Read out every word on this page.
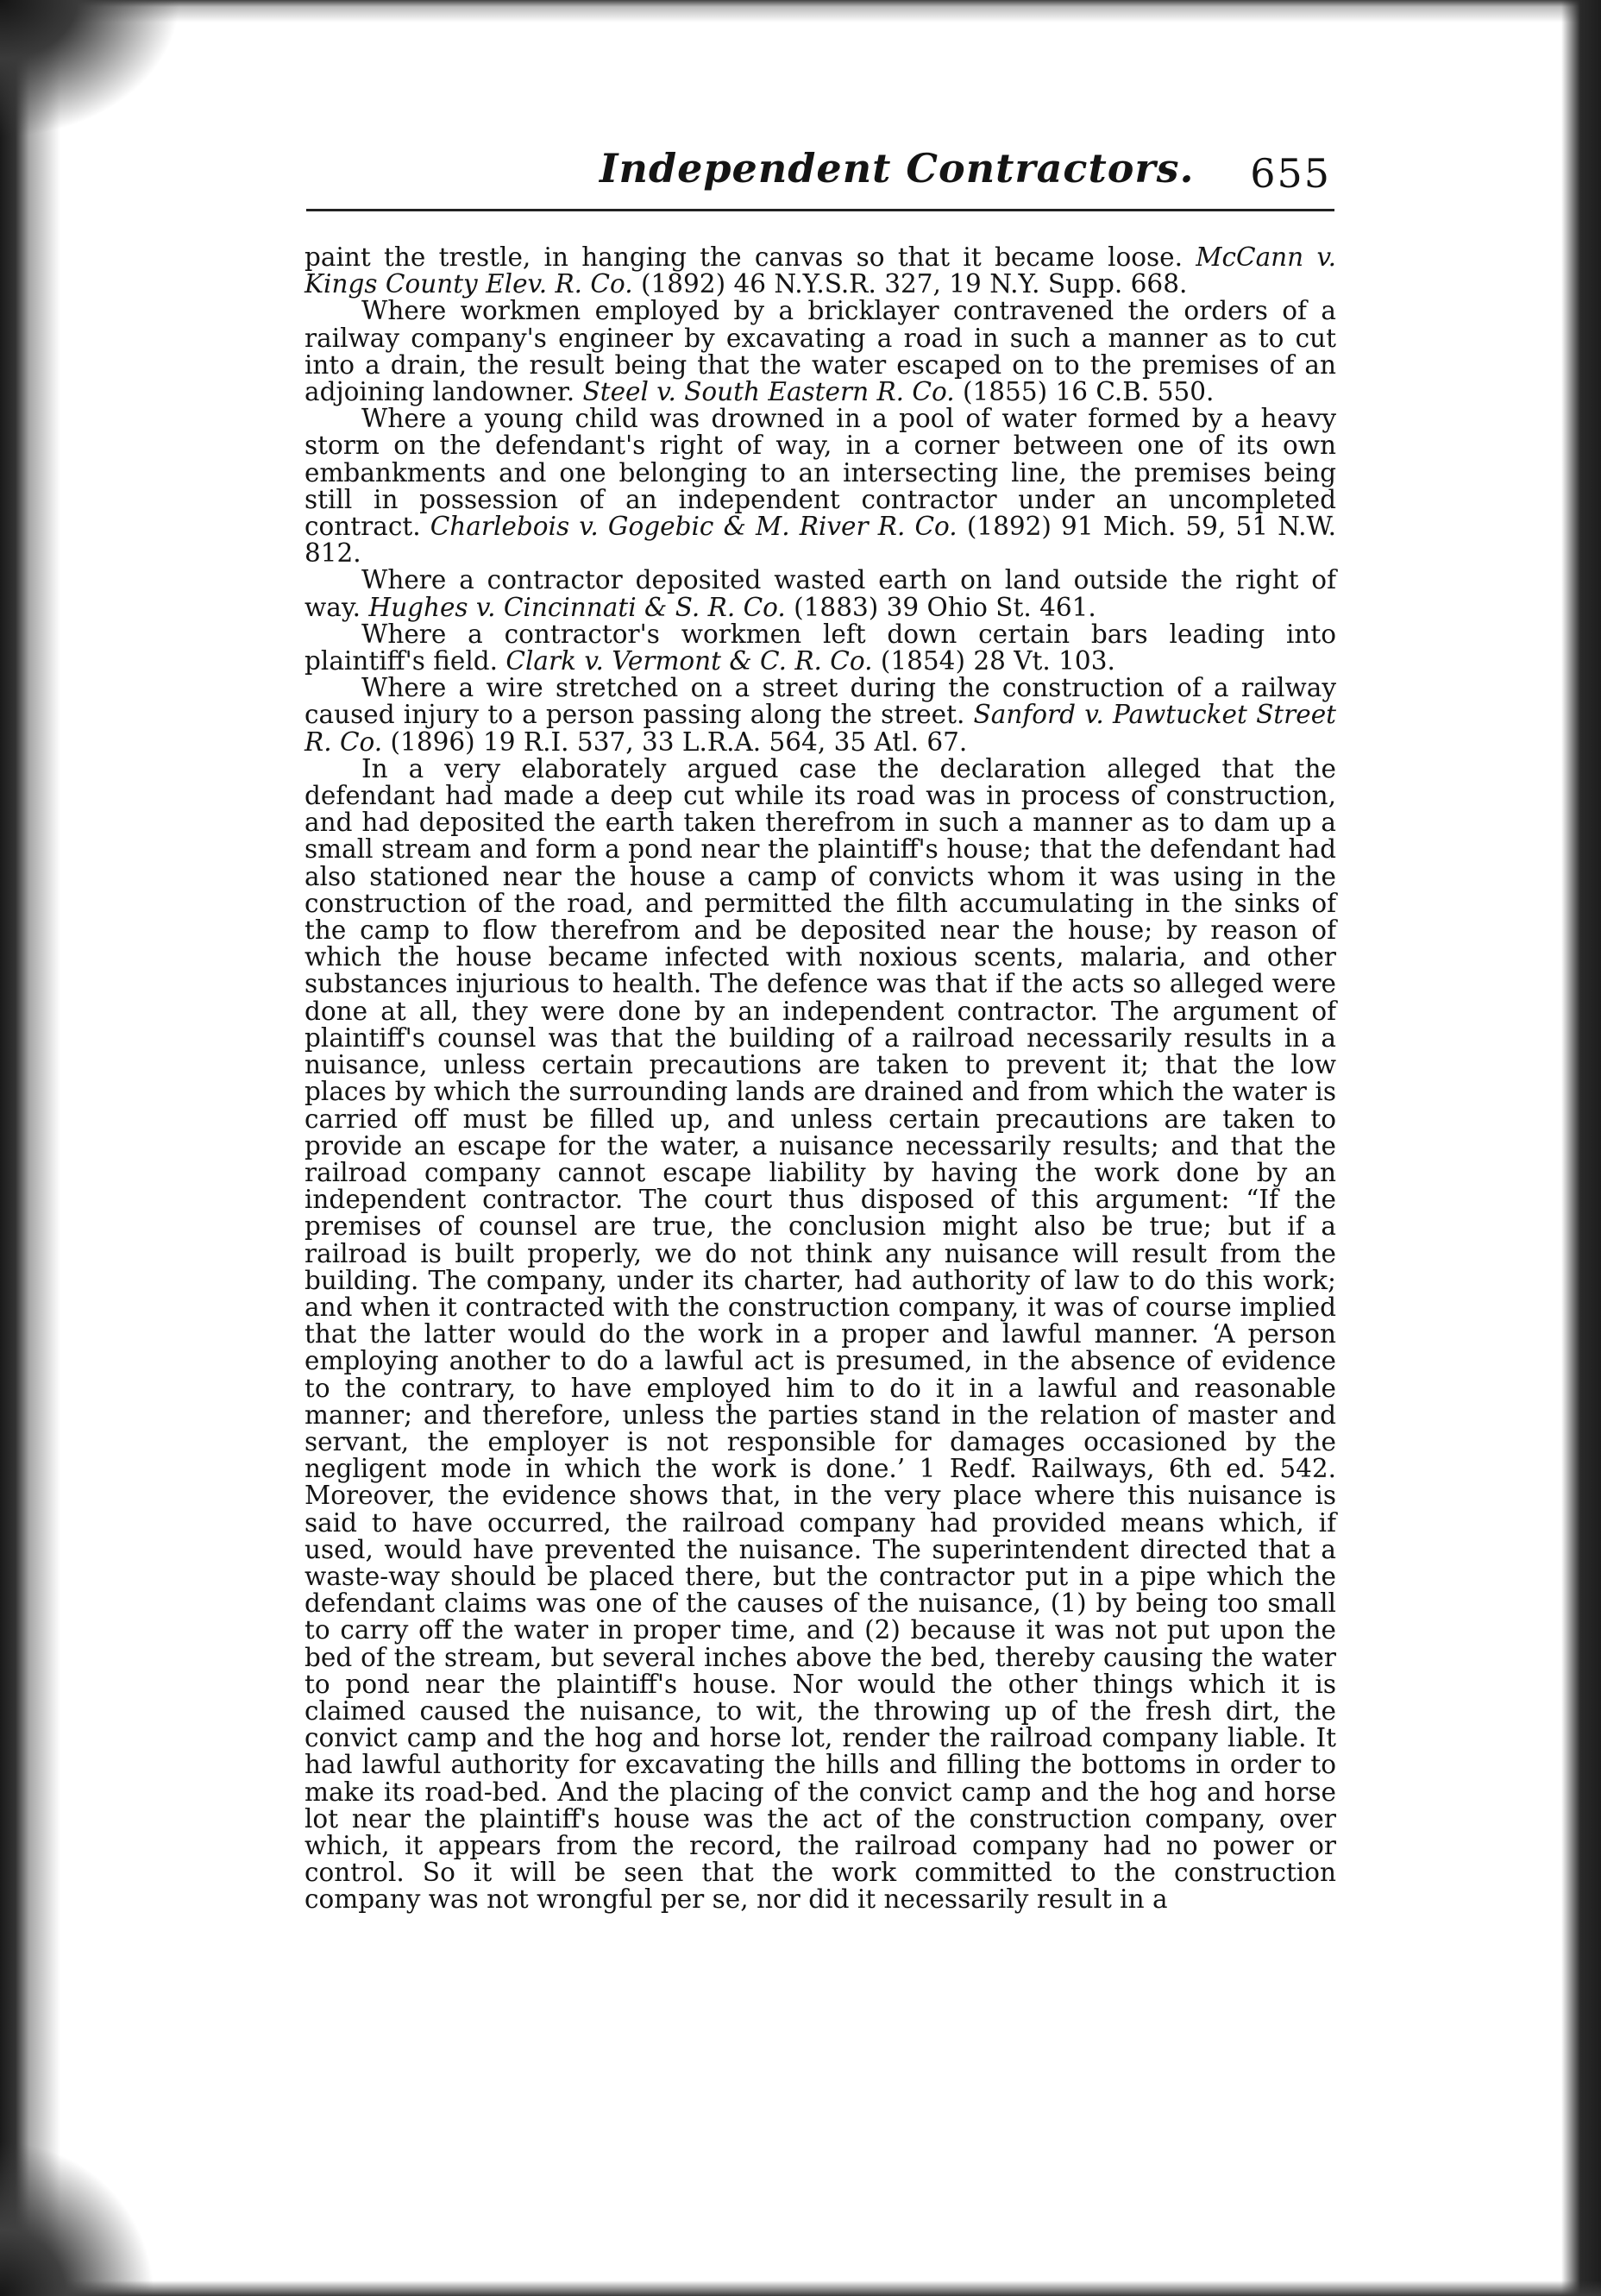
Independent Contractors. 655

paint the trestle, in hanging the canvas so that it became loose. McCann v. Kings County Elev. R. Co. (1892) 46 N.Y.S.R. 327, 19 N.Y. Supp. 668.

Where workmen employed by a bricklayer contravened the orders of a railway company's engineer by excavating a road in such a manner as to cut into a drain, the result being that the water escaped on to the premises of an adjoining landowner. Steel v. South Eastern R. Co. (1855) 16 C.B. 550.

Where a young child was drowned in a pool of water formed by a heavy storm on the defendant's right of way, in a corner between one of its own embankments and one belonging to an intersecting line, the premises being still in possession of an independent contractor under an uncompleted contract. Charlebois v. Gogebic & M. River R. Co. (1892) 91 Mich. 59, 51 N.W. 812.

Where a contractor deposited wasted earth on land outside the right of way. Hughes v. Cincinnati & S. R. Co. (1883) 39 Ohio St. 461.

Where a contractor's workmen left down certain bars leading into plaintiff's field. Clark v. Vermont & C. R. Co. (1854) 28 Vt. 103.

Where a wire stretched on a street during the construction of a railway caused injury to a person passing along the street. Sanford v. Pawtucket Street R. Co. (1896) 19 R.I. 537, 33 L.R.A. 564, 35 Atl. 67.

In a very elaborately argued case the declaration alleged that the defendant had made a deep cut while its road was in process of construction, and had deposited the earth taken therefrom in such a manner as to dam up a small stream and form a pond near the plaintiff's house; that the defendant had also stationed near the house a camp of convicts whom it was using in the construction of the road, and permitted the filth accumulating in the sinks of the camp to flow therefrom and be deposited near the house; by reason of which the house became infected with noxious scents, malaria, and other substances injurious to health. The defence was that if the acts so alleged were done at all, they were done by an independent contractor. The argument of plaintiff's counsel was that the building of a railroad necessarily results in a nuisance, unless certain precautions are taken to prevent it; that the low places by which the surrounding lands are drained and from which the water is carried off must be filled up, and unless certain precautions are taken to provide an escape for the water, a nuisance necessarily results; and that the railroad company cannot escape liability by having the work done by an independent contractor. The court thus disposed of this argument: “If the premises of counsel are true, the conclusion might also be true; but if a railroad is built properly, we do not think any nuisance will result from the building. The company, under its charter, had authority of law to do this work; and when it contracted with the construction company, it was of course implied that the latter would do the work in a proper and lawful manner. ‘A person employing another to do a lawful act is presumed, in the absence of evidence to the contrary, to have employed him to do it in a lawful and reasonable manner; and therefore, unless the parties stand in the relation of master and servant, the employer is not responsible for damages occasioned by the negligent mode in which the work is done.’ 1 Redf. Railways, 6th ed. 542. Moreover, the evidence shows that, in the very place where this nuisance is said to have occurred, the railroad company had provided means which, if used, would have prevented the nuisance. The superintendent directed that a waste-way should be placed there, but the contractor put in a pipe which the defendant claims was one of the causes of the nuisance, (1) by being too small to carry off the water in proper time, and (2) because it was not put upon the bed of the stream, but several inches above the bed, thereby causing the water to pond near the plaintiff's house. Nor would the other things which it is claimed caused the nuisance, to wit, the throwing up of the fresh dirt, the convict camp and the hog and horse lot, render the railroad company liable. It had lawful authority for excavating the hills and filling the bottoms in order to make its road-bed. And the placing of the convict camp and the hog and horse lot near the plaintiff's house was the act of the construction company, over which, it appears from the record, the railroad company had no power or control. So it will be seen that the work committed to the construction company was not wrongful per se, nor did it necessarily result in a
